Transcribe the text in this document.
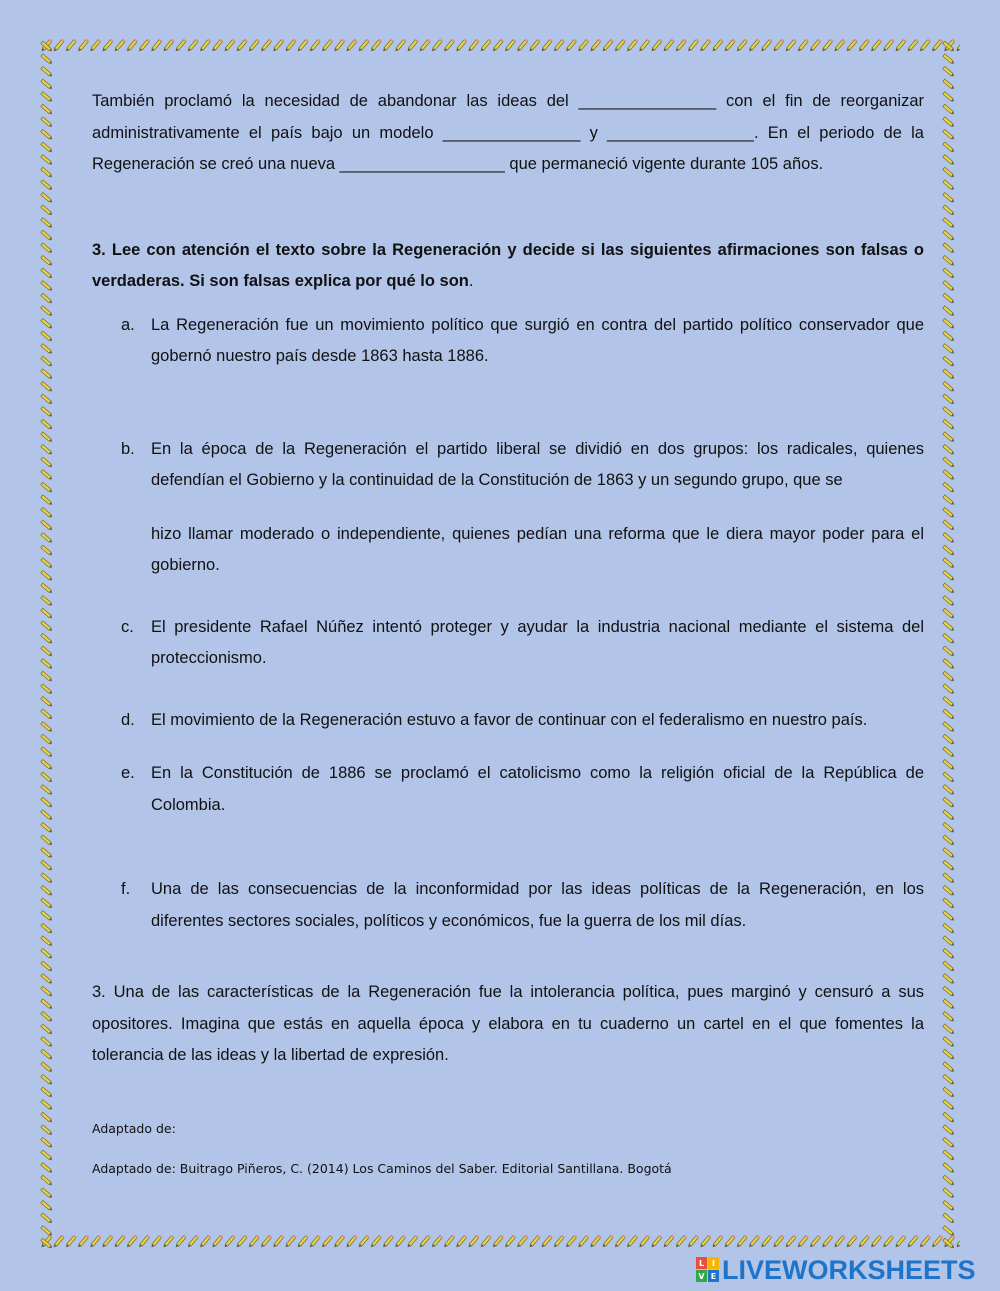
También proclamó la necesidad de abandonar las ideas del _______________ con el fin de reorganizar administrativamente el país bajo un modelo _______________ y ________________. En el periodo de la Regeneración se creó una nueva __________________ que permaneció vigente durante 105 años.

3. Lee con atención el texto sobre la Regeneración y decide si las siguientes afirmaciones son falsas o verdaderas. Si son falsas explica por qué lo son.

a. La Regeneración fue un movimiento político que surgió en contra del partido político conservador que gobernó nuestro país desde 1863 hasta 1886.
b. En la época de la Regeneración el partido liberal se dividió en dos grupos: los radicales, quienes defendían el Gobierno y la continuidad de la Constitución de 1863 y un segundo grupo, que se
hizo llamar moderado o independiente, quienes pedían una reforma que le diera mayor poder para el gobierno.
c. El presidente Rafael Núñez intentó proteger y ayudar la industria nacional mediante el sistema del proteccionismo.
d. El movimiento de la Regeneración estuvo a favor de continuar con el federalismo en nuestro país.
e. En la Constitución de 1886 se proclamó el catolicismo como la religión oficial de la República de Colombia.
f. Una de las consecuencias de la inconformidad por las ideas políticas de la Regeneración, en los diferentes sectores sociales, políticos y económicos, fue la guerra de los mil días.

3. Una de las características de la Regeneración fue la intolerancia política, pues marginó y censuró a sus opositores. Imagina que estás en aquella época y elabora en tu cuaderno un cartel en el que fomentes la tolerancia de las ideas y la libertad de expresión.

Adaptado de:

Adaptado de: Buitrago Piñeros, C. (2014) Los Caminos del Saber. Editorial Santillana. Bogotá

L I
V E LIVEWORKSHEETS
